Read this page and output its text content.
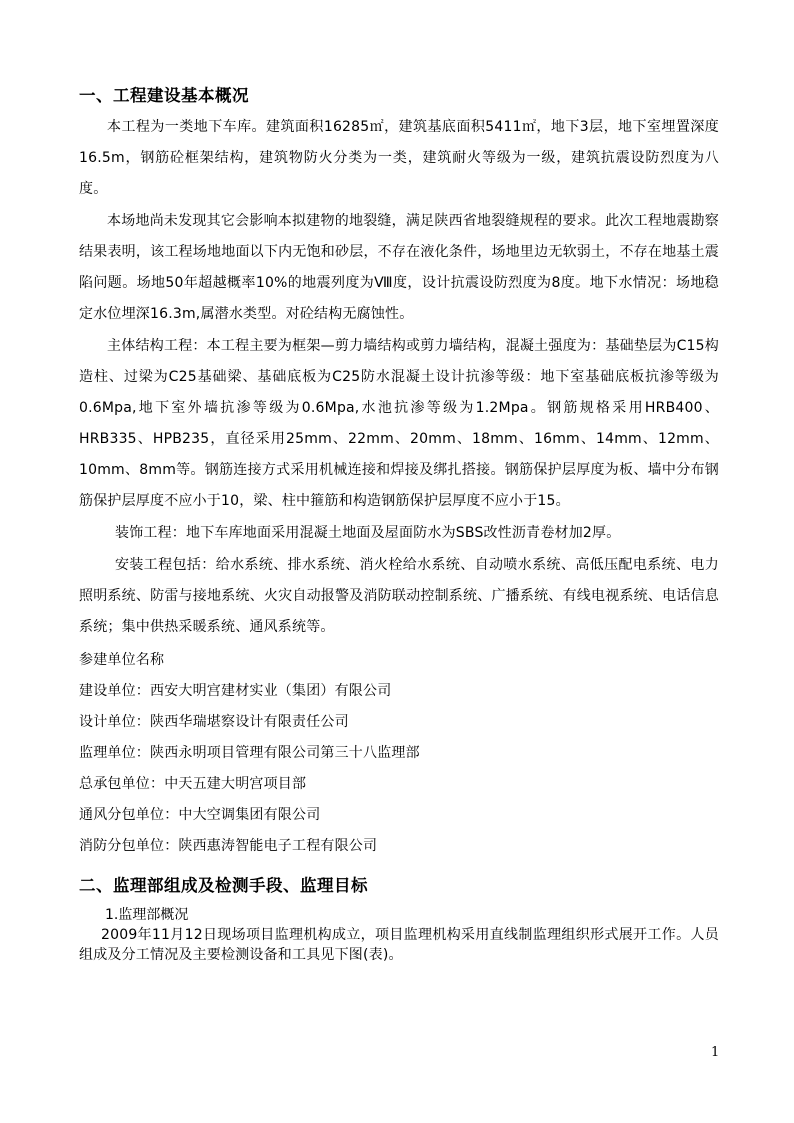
一、工程建设基本概况
本工程为一类地下车库。建筑面积16285㎡，建筑基底面积5411㎡，地下3层，地下室埋置深度16.5m，钢筋砼框架结构，建筑物防火分类为一类，建筑耐火等级为一级，建筑抗震设防烈度为八度。
本场地尚未发现其它会影响本拟建物的地裂缝，满足陕西省地裂缝规程的要求。此次工程地震勘察结果表明，该工程场地地面以下内无饱和砂层，不存在液化条件，场地里边无软弱土，不存在地基土震陷问题。场地50年超越概率10%的地震列度为Ⅷ度，设计抗震设防烈度为8度。地下水情况：场地稳定水位埋深16.3m,属潜水类型。对砼结构无腐蚀性。
主体结构工程：本工程主要为框架—剪力墙结构或剪力墙结构，混凝土强度为：基础垫层为C15构造柱、过梁为C25基础梁、基础底板为C25防水混凝土设计抗渗等级：地下室基础底板抗渗等级为0.6Mpa,地下室外墙抗渗等级为0.6Mpa,水池抗渗等级为1.2Mpa。钢筋规格采用HRB400、HRB335、HPB235，直径采用25mm、22mm、20mm、18mm、16mm、14mm、12mm、10mm、8mm等。钢筋连接方式采用机械连接和焊接及绑扎搭接。钢筋保护层厚度为板、墙中分布钢筋保护层厚度不应小于10，梁、柱中箍筋和构造钢筋保护层厚度不应小于15。
装饰工程：地下车库地面采用混凝土地面及屋面防水为SBS改性沥青卷材加2厚。
安装工程包括：给水系统、排水系统、消火栓给水系统、自动喷水系统、高低压配电系统、电力照明系统、防雷与接地系统、火灾自动报警及消防联动控制系统、广播系统、有线电视系统、电话信息系统；集中供热采暖系统、通风系统等。
参建单位名称
建设单位：西安大明宫建材实业（集团）有限公司
设计单位：陕西华瑞堪察设计有限责任公司
监理单位：陕西永明项目管理有限公司第三十八监理部
总承包单位：中天五建大明宫项目部
通风分包单位：中大空调集团有限公司
消防分包单位：陕西惠涛智能电子工程有限公司
二、监理部组成及检测手段、监理目标
1.监理部概况
2009年11月12日现场项目监理机构成立，项目监理机构采用直线制监理组织形式展开工作。人员组成及分工情况及主要检测设备和工具见下图(表)。
1
